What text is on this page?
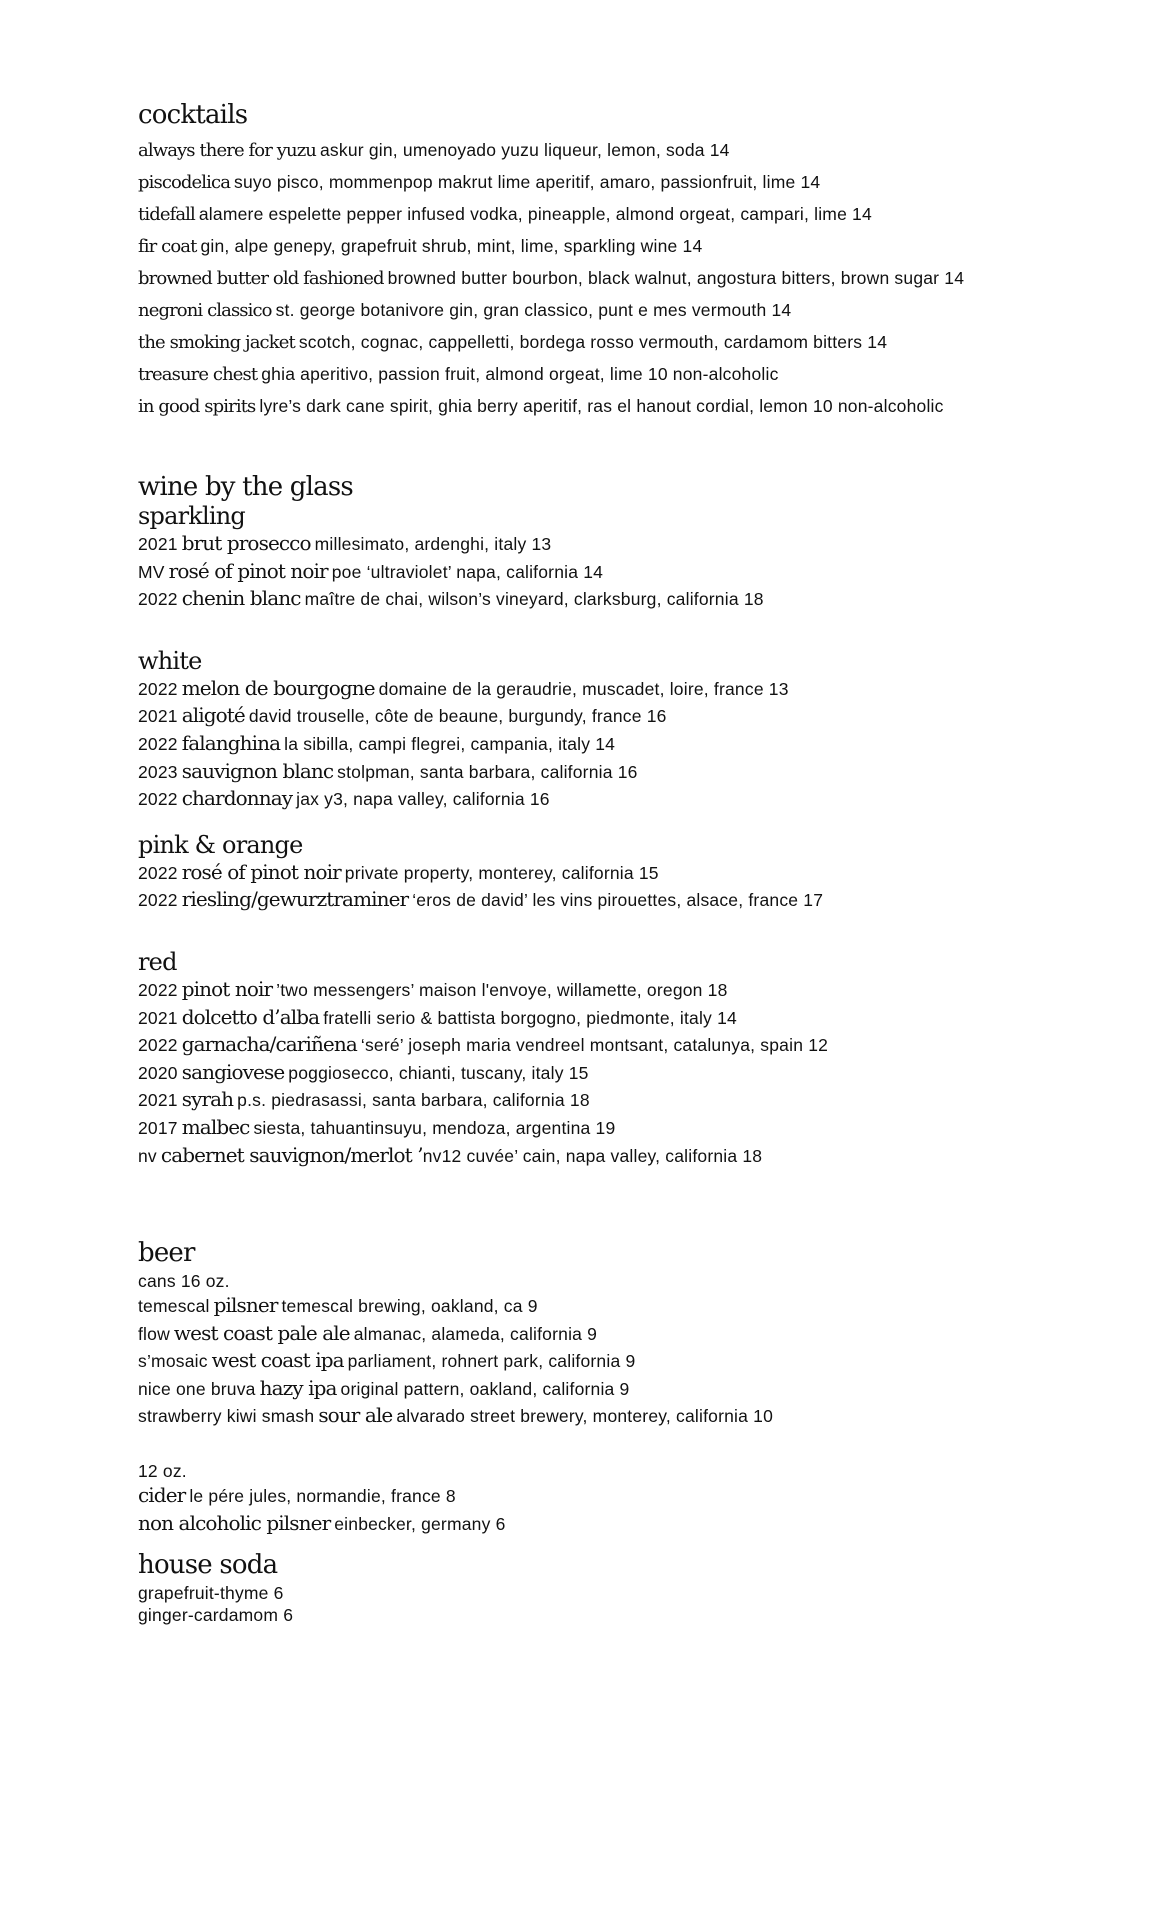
cocktails
always there for yuzu askur gin, umenoyado yuzu liqueur, lemon, soda 14
piscodelica suyo pisco, mommenpop makrut lime aperitif, amaro, passionfruit, lime 14
tidefall alamere espelette pepper infused vodka, pineapple, almond orgeat, campari, lime 14
fir coat gin, alpe genepy, grapefruit shrub, mint, lime, sparkling wine 14
browned butter old fashioned browned butter bourbon, black walnut, angostura bitters, brown sugar 14
negroni classico st. george botanivore gin, gran classico, punt e mes vermouth 14
the smoking jacket scotch, cognac, cappelletti, bordega rosso vermouth, cardamom bitters 14
treasure chest ghia aperitivo, passion fruit, almond orgeat, lime 10 non-alcoholic
in good spirits lyre’s dark cane spirit, ghia berry aperitif, ras el hanout cordial, lemon 10 non-alcoholic
wine by the glass
sparkling
2021 brut prosecco millesimato, ardenghi, italy 13
MV rosé of pinot noir poe ‘ultraviolet’ napa, california 14
2022 chenin blanc maître de chai, wilson’s vineyard, clarksburg, california 18
white
2022 melon de bourgogne domaine de la geraudrie, muscadet, loire, france 13
2021 aligoté david trouselle, côte de beaune, burgundy, france 16
2022 falanghina la sibilla, campi flegrei, campania, italy 14
2023 sauvignon blanc stolpman, santa barbara, california 16
2022 chardonnay jax y3, napa valley, california 16
pink & orange
2022 rosé of pinot noir private property, monterey, california 15
2022 riesling/gewurztraminer ‘eros de david’ les vins pirouettes, alsace, france 17
red
2022 pinot noir ’two messengers’ maison l'envoye, willamette, oregon 18
2021 dolcetto d’alba fratelli serio & battista borgogno, piedmonte, italy 14
2022 garnacha/cariñena ‘seré’ joseph maria vendreel montsant, catalunya, spain 12
2020 sangiovese poggiosecco, chianti, tuscany, italy 15
2021 syrah p.s. piedrasassi, santa barbara, california 18
2017 malbec siesta, tahuantinsuyu, mendoza, argentina 19
nv cabernet sauvignon/merlot ’nv12 cuvée’ cain, napa valley, california 18
beer
cans 16 oz.
temescal pilsner temescal brewing, oakland, ca 9
flow west coast pale ale almanac, alameda, california 9
s’mosaic west coast ipa parliament, rohnert park, california 9
nice one bruva hazy ipa original pattern, oakland, california 9
strawberry kiwi smash sour ale alvarado street brewery, monterey, california 10
12 oz.
cider le pére jules, normandie, france 8
non alcoholic pilsner einbecker, germany 6
house soda
grapefruit-thyme 6
ginger-cardamom 6
